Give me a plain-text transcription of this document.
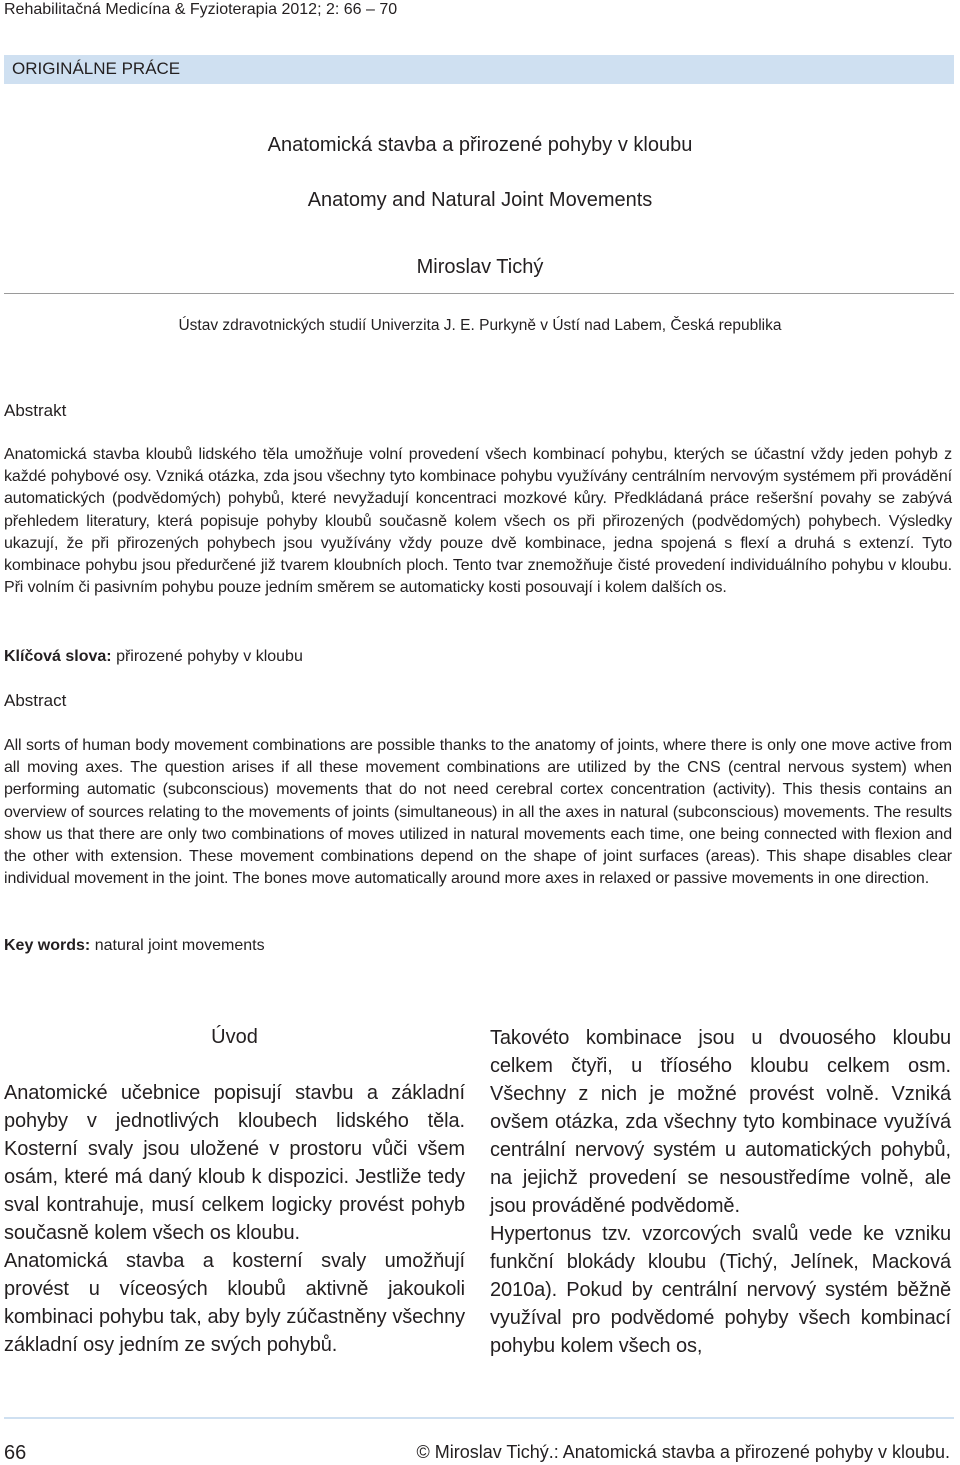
Rehabilitačná Medicína & Fyzioterapia 2012; 2: 66 – 70
ORIGINÁLNE PRÁCE
Anatomická stavba a přirozené pohyby v kloubu
Anatomy and Natural Joint Movements
Miroslav Tichý
Ústav zdravotnických studií Univerzita J. E. Purkyně v Ústí nad Labem, Česká republika
Abstrakt
Anatomická stavba kloubů lidského těla umožňuje volní provedení všech kombinací pohybu, kterých se účastní vždy jeden pohyb z každé pohybové osy. Vzniká otázka, zda jsou všechny tyto kombinace pohybu využívány centrálním nervovým systémem při provádění automatických (podvědomých) pohybů, které nevyžadují koncentraci mozkové kůry. Předkládaná práce rešeršní povahy se zabývá přehledem literatury, která popisuje pohyby kloubů současně kolem všech os při přirozených (podvědomých) pohybech. Výsledky ukazují, že při přirozených pohybech jsou využívány vždy pouze dvě kombinace, jedna spojená s flexí a druhá s extenzí. Tyto kombinace pohybu jsou předurčené již tvarem kloubních ploch. Tento tvar znemožňuje čisté provedení individuálního pohybu v kloubu. Při volním či pasivním pohybu pouze jedním směrem se automaticky kosti posouvají i kolem dalších os.
Klíčová slova: přirozené pohyby v kloubu
Abstract
All sorts of human body movement combinations are possible thanks to the anatomy of joints, where there is only one move active from all moving axes. The question arises if all these movement combinations are utilized by the CNS (central nervous system) when performing automatic (subconscious) movements that do not need cerebral cortex concentration (activity). This thesis contains an overview of sources relating to the movements of joints (simultaneous) in all the axes in natural (subconscious) movements. The results show us that there are only two combinations of moves utilized in natural movements each time, one being connected with flexion and the other with extension. These movement combinations depend on the shape of joint surfaces (areas). This shape disables clear individual movement in the joint. The bones move automatically around more axes in relaxed or passive movements in one direction.
Key words: natural joint movements
Úvod

Anatomické učebnice popisují stavbu a základní pohyby v jednotlivých kloubech lidského těla. Kosterní svaly jsou uložené v prostoru vůči všem osám, které má daný kloub k dispozici. Jestliže tedy sval kontrahuje, musí celkem logicky provést pohyb současně kolem všech os kloubu.

Anatomická stavba a kosterní svaly umožňují provést u víceosých kloubů aktivně jakoukoli kombinaci pohybu tak, aby byly zúčastněny všechny základní osy jedním ze svých pohybů.

Takovéto kombinace jsou u dvouosého kloubu celkem čtyři, u tříosého kloubu celkem osm. Všechny z nich je možné provést volně. Vzniká ovšem otázka, zda všechny tyto kombinace využívá centrální nervový systém u automatických pohybů, na jejichž provedení se nesoustředíme volně, ale jsou prováděné podvědomě.

Hypertonus tzv. vzorcových svalů vede ke vzniku funkční blokády kloubu (Tichý, Jelínek, Macková 2010a). Pokud by centrální nervový systém běžně využíval pro podvědomé pohyby všech kombinací pohybu kolem všech os,

66	© Miroslav Tichý.: Anatomická stavba a přirozené pohyby v kloubu.
